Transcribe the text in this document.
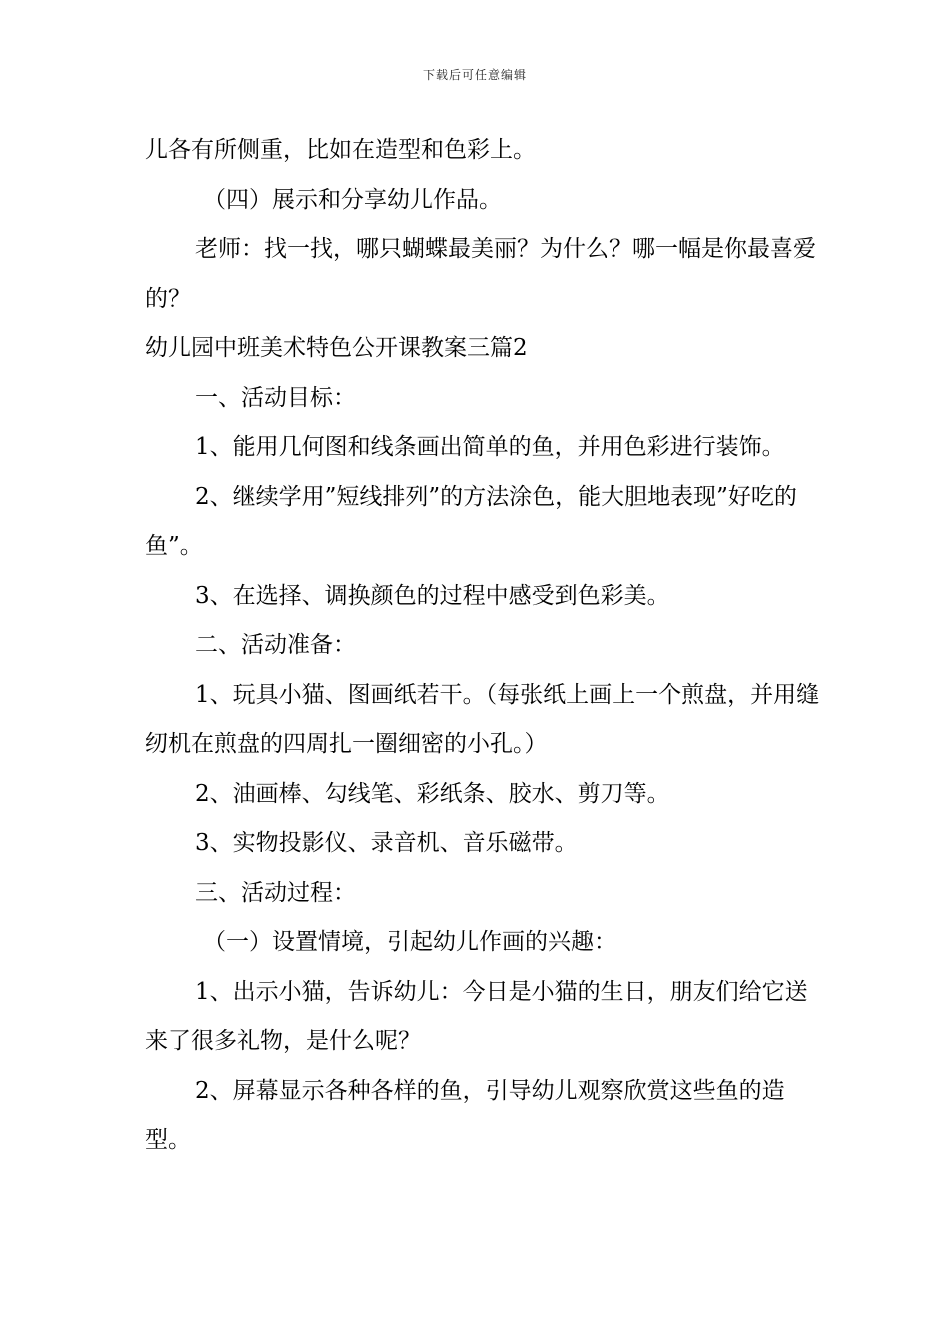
下载后可任意编辑

儿各有所侧重，比如在造型和色彩上。

（四）展示和分享幼儿作品。

老师：找一找，哪只蝴蝶最美丽？为什么？哪一幅是你最喜爱的？

幼儿园中班美术特色公开课教案三篇2

一、活动目标：

1、能用几何图和线条画出简单的鱼，并用色彩进行装饰。

2、继续学用”短线排列”的方法涂色，能大胆地表现”好吃的鱼”。

3、在选择、调换颜色的过程中感受到色彩美。

二、活动准备：

1、玩具小猫、图画纸若干。（每张纸上画上一个煎盘，并用缝纫机在煎盘的四周扎一圈细密的小孔。）

2、油画棒、勾线笔、彩纸条、胶水、剪刀等。

3、实物投影仪、录音机、音乐磁带。

三、活动过程：

（一）设置情境，引起幼儿作画的兴趣：

1、出示小猫，告诉幼儿：今日是小猫的生日，朋友们给它送来了很多礼物，是什么呢？

2、屏幕显示各种各样的鱼，引导幼儿观察欣赏这些鱼的造型。
